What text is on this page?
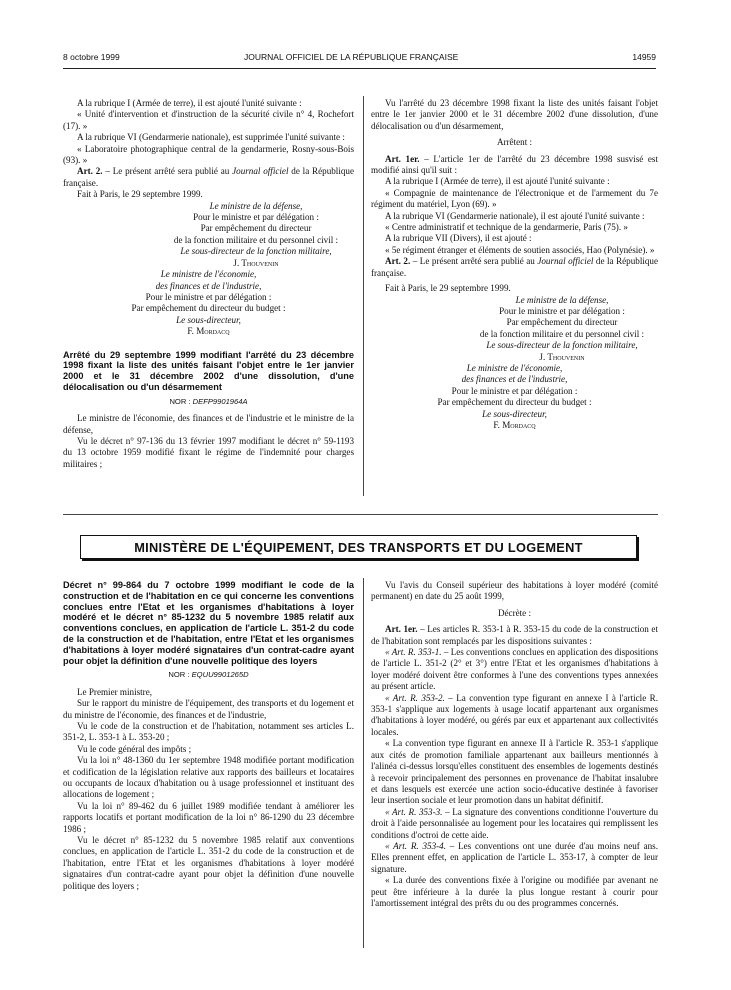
8 octobre 1999	JOURNAL OFFICIEL DE LA RÉPUBLIQUE FRANÇAISE	14959

A la rubrique I (Armée de terre), il est ajouté l'unité suivante :

« Unité d'intervention et d'instruction de la sécurité civile n° 4, Rochefort (17). »

A la rubrique VI (Gendarmerie nationale), est supprimée l'unité suivante :

« Laboratoire photographique central de la gendarmerie, Rosny-sous-Bois (93). »

Art. 2. – Le présent arrêté sera publié au Journal officiel de la République française.

Fait à Paris, le 29 septembre 1999.

Le ministre de la défense,

Pour le ministre et par délégation :

Par empêchement du directeur

de la fonction militaire et du personnel civil :

Le sous-directeur de la fonction militaire,

J. Thouvenin

Le ministre de l'économie,

des finances et de l'industrie,

Pour le ministre et par délégation :

Par empêchement du directeur du budget :

Le sous-directeur,

F. Mordacq

Arrêté du 29 septembre 1999 modifiant l'arrêté du 23 décembre 1998 fixant la liste des unités faisant l'objet entre le 1er janvier 2000 et le 31 décembre 2002 d'une dissolution, d'une délocalisation ou d'un désarmement

NOR : DEFP9901964A

Le ministre de l'économie, des finances et de l'industrie et le ministre de la défense,

Vu le décret n° 97-136 du 13 février 1997 modifiant le décret n° 59-1193 du 13 octobre 1959 modifié fixant le régime de l'indemnité pour charges militaires ;

Vu l'arrêté du 23 décembre 1998 fixant la liste des unités faisant l'objet entre le 1er janvier 2000 et le 31 décembre 2002 d'une dissolution, d'une délocalisation ou d'un désarmement,

Arrêtent :

Art. 1er. – L'article 1er de l'arrêté du 23 décembre 1998 susvisé est modifié ainsi qu'il suit :

A la rubrique I (Armée de terre), il est ajouté l'unité suivante :

« Compagnie de maintenance de l'électronique et de l'armement du 7e régiment du matériel, Lyon (69). »

A la rubrique VI (Gendarmerie nationale), il est ajouté l'unité suivante :

« Centre administratif et technique de la gendarmerie, Paris (75). »

A la rubrique VII (Divers), il est ajouté :

« 5e régiment étranger et éléments de soutien associés, Hao (Polynésie). »

Art. 2. – Le présent arrêté sera publié au Journal officiel de la République française.

Fait à Paris, le 29 septembre 1999.

Le ministre de la défense,

Pour le ministre et par délégation :

Par empêchement du directeur

de la fonction militaire et du personnel civil :

Le sous-directeur de la fonction militaire,

J. Thouvenin

Le ministre de l'économie,

des finances et de l'industrie,

Pour le ministre et par délégation :

Par empêchement du directeur du budget :

Le sous-directeur,

F. Mordacq

MINISTÈRE DE L'ÉQUIPEMENT, DES TRANSPORTS ET DU LOGEMENT

Décret n° 99-864 du 7 octobre 1999 modifiant le code de la construction et de l'habitation en ce qui concerne les conventions conclues entre l'Etat et les organismes d'habitations à loyer modéré et le décret n° 85-1232 du 5 novembre 1985 relatif aux conventions conclues, en application de l'article L. 351-2 du code de la construction et de l'habitation, entre l'Etat et les organismes d'habitations à loyer modéré signataires d'un contrat-cadre ayant pour objet la définition d'une nouvelle politique des loyers

NOR : EQUU9901265D

Le Premier ministre,

Sur le rapport du ministre de l'équipement, des transports et du logement et du ministre de l'économie, des finances et de l'industrie,

Vu le code de la construction et de l'habitation, notamment ses articles L. 351-2, L. 353-1 à L. 353-20 ;

Vu le code général des impôts ;

Vu la loi n° 48-1360 du 1er septembre 1948 modifiée portant modification et codification de la législation relative aux rapports des bailleurs et locataires ou occupants de locaux d'habitation ou à usage professionnel et instituant des allocations de logement ;

Vu la loi n° 89-462 du 6 juillet 1989 modifiée tendant à améliorer les rapports locatifs et portant modification de la loi n° 86-1290 du 23 décembre 1986 ;

Vu le décret n° 85-1232 du 5 novembre 1985 relatif aux conventions conclues, en application de l'article L. 351-2 du code de la construction et de l'habitation, entre l'Etat et les organismes d'habitations à loyer modéré signataires d'un contrat-cadre ayant pour objet la définition d'une nouvelle politique des loyers ;

Vu l'avis du Conseil supérieur des habitations à loyer modéré (comité permanent) en date du 25 août 1999,

Décrète :

Art. 1er. – Les articles R. 353-1 à R. 353-15 du code de la construction et de l'habitation sont remplacés par les dispositions suivantes :

« Art. R. 353-1. – Les conventions conclues en application des dispositions de l'article L. 351-2 (2° et 3°) entre l'Etat et les organismes d'habitations à loyer modéré doivent être conformes à l'une des conventions types annexées au présent article.

« Art. R. 353-2. – La convention type figurant en annexe I à l'article R. 353-1 s'applique aux logements à usage locatif appartenant aux organismes d'habitations à loyer modéré, ou gérés par eux et appartenant aux collectivités locales.

« La convention type figurant en annexe II à l'article R. 353-1 s'applique aux cités de promotion familiale appartenant aux bailleurs mentionnés à l'alinéa ci-dessus lorsqu'elles constituent des ensembles de logements destinés à recevoir principalement des personnes en provenance de l'habitat insalubre et dans lesquels est exercée une action socio-éducative destinée à favoriser leur insertion sociale et leur promotion dans un habitat définitif.

« Art. R. 353-3. – La signature des conventions conditionne l'ouverture du droit à l'aide personnalisée au logement pour les locataires qui remplissent les conditions d'octroi de cette aide.

« Art. R. 353-4. – Les conventions ont une durée d'au moins neuf ans. Elles prennent effet, en application de l'article L. 353-17, à compter de leur signature.

« La durée des conventions fixée à l'origine ou modifiée par avenant ne peut être inférieure à la durée la plus longue restant à courir pour l'amortissement intégral des prêts du ou des programmes concernés.
